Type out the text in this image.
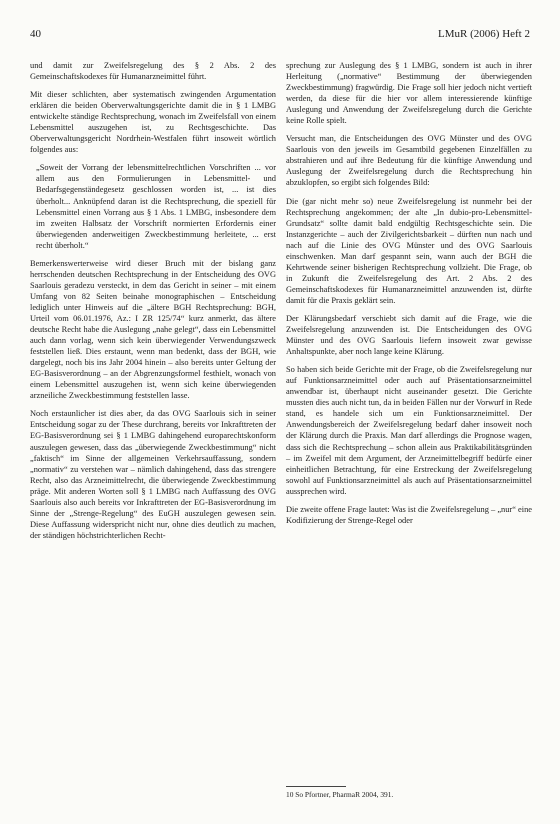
40	LMuR (2006) Heft 2

und damit zur Zweifelsregelung des § 2 Abs. 2 des Gemeinschaftskodexes für Humanarzneimittel führt.

Mit dieser schlichten, aber systematisch zwingenden Argumentation erklären die beiden Oberverwaltungsgerichte damit die in § 1 LMBG entwickelte ständige Rechtsprechung, wonach im Zweifelsfall von einem Lebensmittel auszugehen ist, zu Rechtsgeschichte. Das Oberverwaltungsgericht Nordrhein-Westfalen führt insoweit wörtlich folgendes aus:

„Soweit der Vorrang der lebensmittelrechtlichen Vorschriften ... vor allem aus den Formulierungen in Lebensmittel- und Bedarfsgegenständegesetz geschlossen worden ist, ... ist dies überholt... Anknüpfend daran ist die Rechtsprechung, die speziell für Lebensmittel einen Vorrang aus § 1 Abs. 1 LMBG, insbesondere dem im zweiten Halbsatz der Vorschrift normierten Erfordernis einer überwiegenden anderweitigen Zweckbestimmung herleitete, ... erst recht überholt.“

Bemerkenswerterweise wird dieser Bruch mit der bislang ganz herrschenden deutschen Rechtsprechung in der Entscheidung des OVG Saarlouis geradezu versteckt, in dem das Gericht in seiner – mit einem Umfang von 82 Seiten beinahe monographischen – Entscheidung lediglich unter Hinweis auf die „ältere BGH Rechtsprechung: BGH, Urteil vom 06.01.1976, Az.: I ZR 125/74“ kurz anmerkt, das ältere deutsche Recht habe die Auslegung „nahe gelegt“, dass ein Lebensmittel auch dann vorlag, wenn sich kein überwiegender Verwendungszweck feststellen ließ. Dies erstaunt, wenn man bedenkt, dass der BGH, wie dargelegt, noch bis ins Jahr 2004 hinein – also bereits unter Geltung der EG-Basisverordnung – an der Abgrenzungsformel festhielt, wonach von einem Lebensmittel auszugehen ist, wenn sich keine überwiegenden arzneiliche Zweckbestimmung feststellen lasse.

Noch erstaunlicher ist dies aber, da das OVG Saarlouis sich in seiner Entscheidung sogar zu der These durchrang, bereits vor Inkrafttreten der EG-Basisverordnung sei § 1 LMBG dahingehend europarechtskonform auszulegen gewesen, dass das „überwiegende Zweckbestimmung“ nicht „faktisch“ im Sinne der allgemeinen Verkehrsauffassung, sondern „normativ“ zu verstehen war – nämlich dahingehend, dass das strengere Recht, also das Arzneimittelrecht, die überwiegende Zweckbestimmung präge. Mit anderen Worten soll § 1 LMBG nach Auffassung des OVG Saarlouis also auch bereits vor Inkrafttreten der EG-Basisverordnung im Sinne der „Strenge-Regelung“ des EuGH auszulegen gewesen sein. Diese Auffassung widerspricht nicht nur, ohne dies deutlich zu machen, der ständigen höchstrichterlichen Recht-

sprechung zur Auslegung des § 1 LMBG, sondern ist auch in ihrer Herleitung („normative“ Bestimmung der überwiegenden Zweckbestimmung) fragwürdig. Die Frage soll hier jedoch nicht vertieft werden, da diese für die hier vor allem interessierende künftige Auslegung und Anwendung der Zweifelsregelung durch die Gerichte keine Rolle spielt.

Versucht man, die Entscheidungen des OVG Münster und des OVG Saarlouis von den jeweils im Gesamtbild gegebenen Einzelfällen zu abstrahieren und auf ihre Bedeutung für die künftige Anwendung und Auslegung der Zweifelsregelung durch die Rechtsprechung hin abzuklopfen, so ergibt sich folgendes Bild:

Die (gar nicht mehr so) neue Zweifelsregelung ist nunmehr bei der Rechtsprechung angekommen; der alte „In dubio-pro-Lebensmittel-Grundsatz“ sollte damit bald endgültig Rechtsgeschichte sein. Die Instanzgerichte – auch der Zivilgerichtsbarkeit – dürften nun nach und nach auf die Linie des OVG Münster und des OVG Saarlouis einschwenken. Man darf gespannt sein, wann auch der BGH die Kehrtwende seiner bisherigen Rechtsprechung vollzieht. Die Frage, ob in Zukunft die Zweifelsregelung des Art. 2 Abs. 2 des Gemeinschaftskodexes für Humanarzneimittel anzuwenden ist, dürfte damit für die Praxis geklärt sein.

Der Klärungsbedarf verschiebt sich damit auf die Frage, wie die Zweifelsregelung anzuwenden ist. Die Entscheidungen des OVG Münster und des OVG Saarlouis liefern insoweit zwar gewisse Anhaltspunkte, aber noch lange keine Klärung.

So haben sich beide Gerichte mit der Frage, ob die Zweifelsregelung nur auf Funktionsarzneimittel oder auch auf Präsentationsarzneimittel anwendbar ist, überhaupt nicht auseinander gesetzt. Die Gerichte mussten dies auch nicht tun, da in beiden Fällen nur der Vorwurf in Rede stand, es handele sich um ein Funktionsarzneimittel. Der Anwendungsbereich der Zweifelsregelung bedarf daher insoweit noch der Klärung durch die Praxis. Man darf allerdings die Prognose wagen, dass sich die Rechtsprechung – schon allein aus Praktikabilitätsgründen – im Zweifel mit dem Argument, der Arzneimittelbegriff bedürfe einer einheitlichen Betrachtung, für eine Erstreckung der Zweifelsregelung sowohl auf Funktionsarzneimittel als auch auf Präsentationsarzneimittel aussprechen wird.

Die zweite offene Frage lautet: Was ist die Zweifelsregelung – „nur“ eine Kodifizierung der Strenge-Regel oder

10 So Pfortner, PharmaR 2004, 391.
